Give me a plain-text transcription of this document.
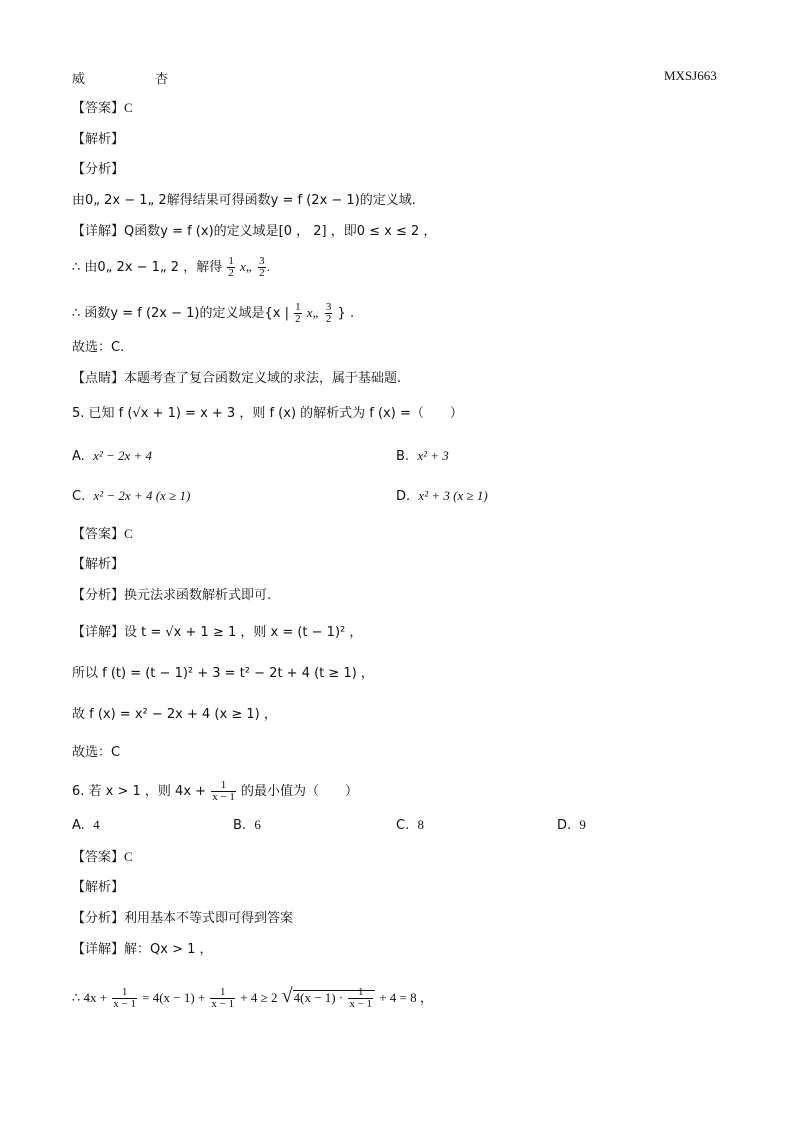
威	杏	MXSJ663
【答案】C
【解析】
【分析】
由0„ 2x − 1„ 2解得结果可得函数y = f (2x − 1)的定义域.
【详解】Q函数y = f (x)的定义域是[0 ， 2] ，即0 ≤ x ≤ 2 ，
∴ 由0„ 2x − 1„ 2 ，解得 $\frac{1}{2}$ x„ $\frac{3}{2}$ .
∴ 函数y = f (2x − 1)的定义域是{x | $\frac{1}{2}$ x„ $\frac{3}{2}$ } .
故选：C.
【点睛】本题考查了复合函数定义域的求法，属于基础题.
5. 已知 f (√x + 1) = x + 3 ，则 f (x) 的解析式为 f (x) =（　　）
A. x² − 2x + 4	B. x² + 3
C. x² − 2x + 4 (x ≥ 1)	D. x² + 3 (x ≥ 1)
【答案】C
【解析】
【分析】换元法求函数解析式即可.
【详解】设 t = √x + 1 ≥ 1 ，则 x = (t − 1)² ，
所以 f (t) = (t − 1)² + 3 = t² − 2t + 4 (t ≥ 1) ，
故 f (x) = x² − 2x + 4 (x ≥ 1) ，
故选：C
6. 若 x > 1 ，则 $4x + \frac{1}{x - 1}$ 的最小值为（　　）
A. 4	B. 6	C. 8	D. 9
【答案】C
【解析】
【分析】利用基本不等式即可得到答案
【详解】解：Qx > 1 ，
∴ $4x + \frac{1}{x - 1} = 4(x - 1) + \frac{1}{x - 1} + 4 \ge 2$ $√4(x - 1) \cdot \frac{1}{x - 1} + 4 = 8$ ，
